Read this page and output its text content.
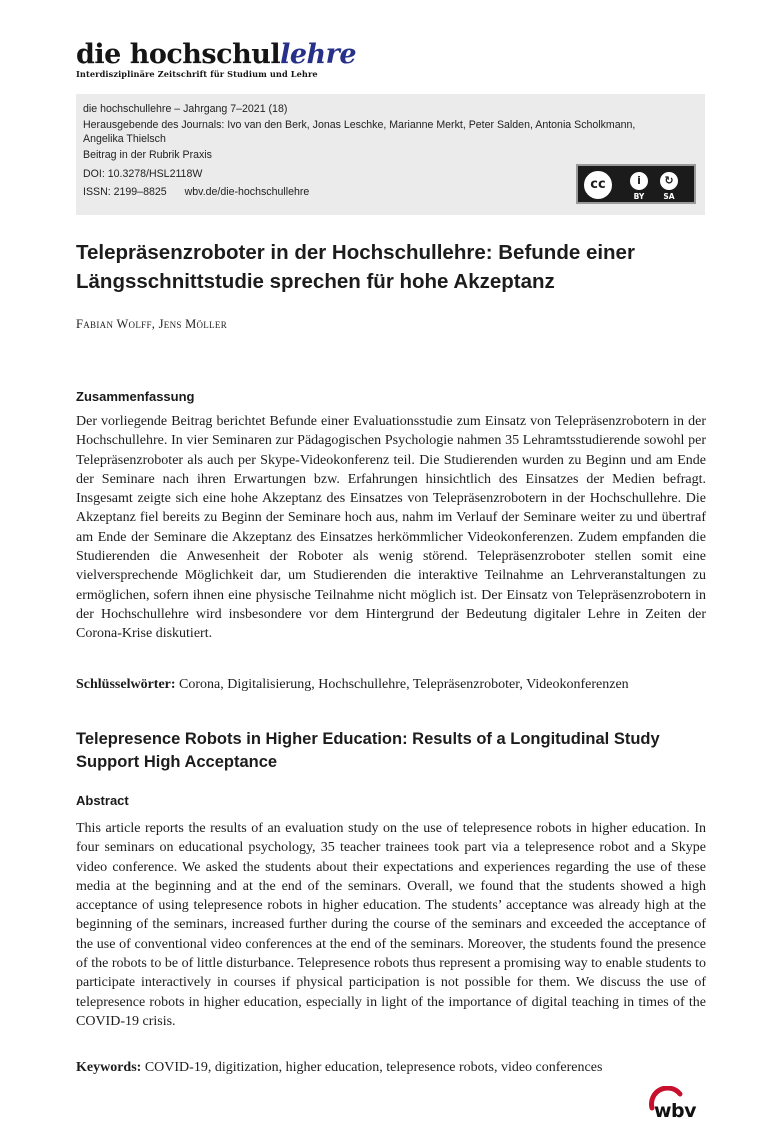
die hochschullehre
Interdisziplinäre Zeitschrift für Studium und Lehre
die hochschullehre – Jahrgang 7–2021 (18)
Herausgebende des Journals: Ivo van den Berk, Jonas Leschke, Marianne Merkt, Peter Salden, Antonia Scholkmann,
Angelika Thielsch
Beitrag in der Rubrik Praxis
DOI: 10.3278/HSL2118W
ISSN: 2199–8825 wbv.de/die-hochschullehre
cc	i	↻
BY	SA
Telepräsenzroboter in der Hochschullehre: Befunde einer
Längsschnittstudie sprechen für hohe Akzeptanz
Fabian Wolff, Jens Möller
Zusammenfassung

Der vorliegende Beitrag berichtet Befunde einer Evaluationsstudie zum Einsatz von Telepräsenzrobotern in der Hochschullehre. In vier Seminaren zur Pädagogischen Psychologie nahmen 35 Lehramtsstudierende sowohl per Telepräsenzroboter als auch per Skype-Videokonferenz teil. Die Studierenden wurden zu Beginn und am Ende der Seminare nach ihren Erwartungen bzw. Erfahrungen hinsichtlich des Einsatzes der Medien befragt. Insgesamt zeigte sich eine hohe Akzeptanz des Einsatzes von Telepräsenzrobotern in der Hochschullehre. Die Akzeptanz fiel bereits zu Beginn der Seminare hoch aus, nahm im Verlauf der Seminare weiter zu und übertraf am Ende der Seminare die Akzeptanz des Einsatzes herkömmlicher Videokonferenzen. Zudem empfanden die Studierenden die Anwesenheit der Roboter als wenig störend. Telepräsenzroboter stellen somit eine vielversprechende Möglichkeit dar, um Studierenden die interaktive Teilnahme an Lehrveranstaltungen zu ermöglichen, sofern ihnen eine physische Teilnahme nicht möglich ist. Der Einsatz von Telepräsenzrobotern in der Hochschullehre wird insbesondere vor dem Hintergrund der Bedeutung digitaler Lehre in Zeiten der Corona-Krise diskutiert.

Schlüsselwörter: Corona, Digitalisierung, Hochschullehre, Telepräsenzroboter, Videokonferenzen
Telepresence Robots in Higher Education: Results of a Longitudinal Study
Support High Acceptance
Abstract

This article reports the results of an evaluation study on the use of telepresence robots in higher education. In four seminars on educational psychology, 35 teacher trainees took part via a telepresence robot and a Skype video conference. We asked the students about their expectations and experiences regarding the use of these media at the beginning and at the end of the seminars. Overall, we found that the students showed a high acceptance of using telepresence robots in higher education. The students’ acceptance was already high at the beginning of the seminars, increased further during the course of the seminars and exceeded the acceptance of the use of conventional video conferences at the end of the seminars. Moreover, the students found the presence of the robots to be of little disturbance. Telepresence robots thus represent a promising way to enable students to participate interactively in courses if physical participation is not possible for them. We discuss the use of telepresence robots in higher education, especially in light of the importance of digital teaching in times of the COVID-19 crisis.

Keywords: COVID-19, digitization, higher education, telepresence robots, video conferences
wbv
